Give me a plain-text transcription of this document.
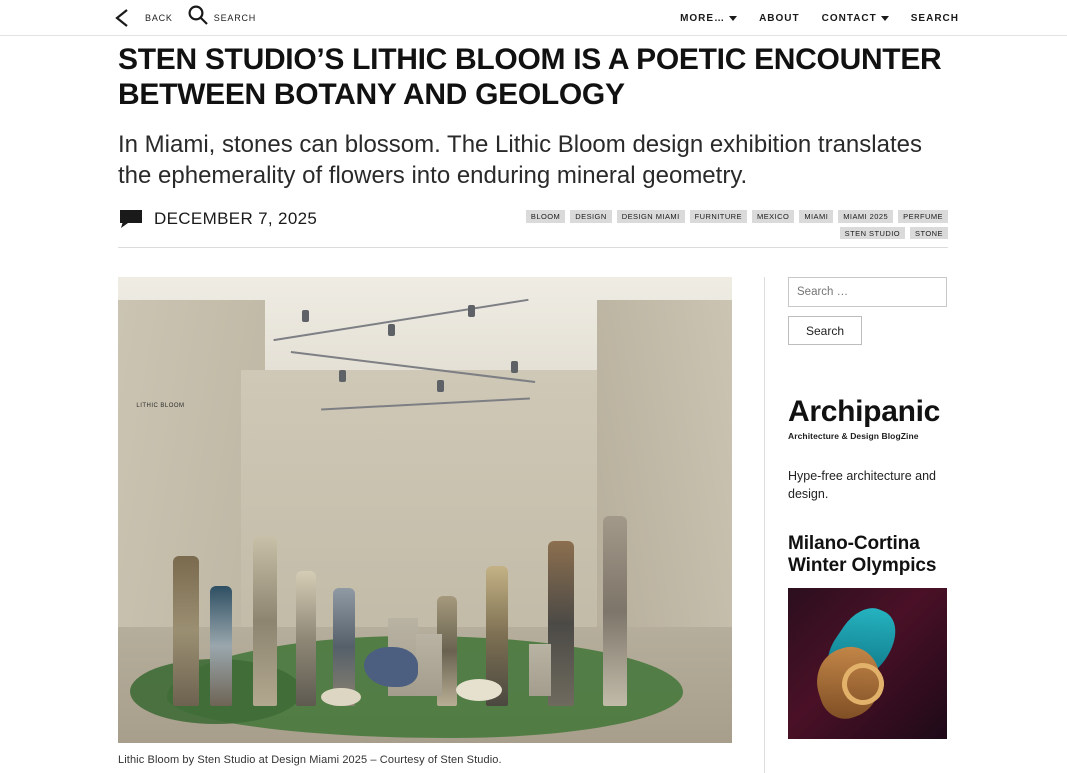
BACK	SEARCH	MORE…	ABOUT CONTACT	SEARCH
STEN STUDIO’S LITHIC BLOOM IS A POETIC ENCOUNTER BETWEEN BOTANY AND GEOLOGY

In Miami, stones can blossom. The Lithic Bloom design exhibition translates the ephemerality of flowers into enduring mineral geometry.

DECEMBER 7, 2025	BLOOM	DESIGN	DESIGN MIAMI	FURNITURE	MEXICO	MIAMI	MIAMI 2025	PERFUME
STEN STUDIO	STONE
LITHIC BLOOM
Lithic Bloom by Sten Studio at Design Miami 2025 – Courtesy of Sten Studio.
Search …
Search
Archipanic
Architecture & Design BlogZine
Hype-free architecture and design.
Milano-Cortina Winter Olympics
